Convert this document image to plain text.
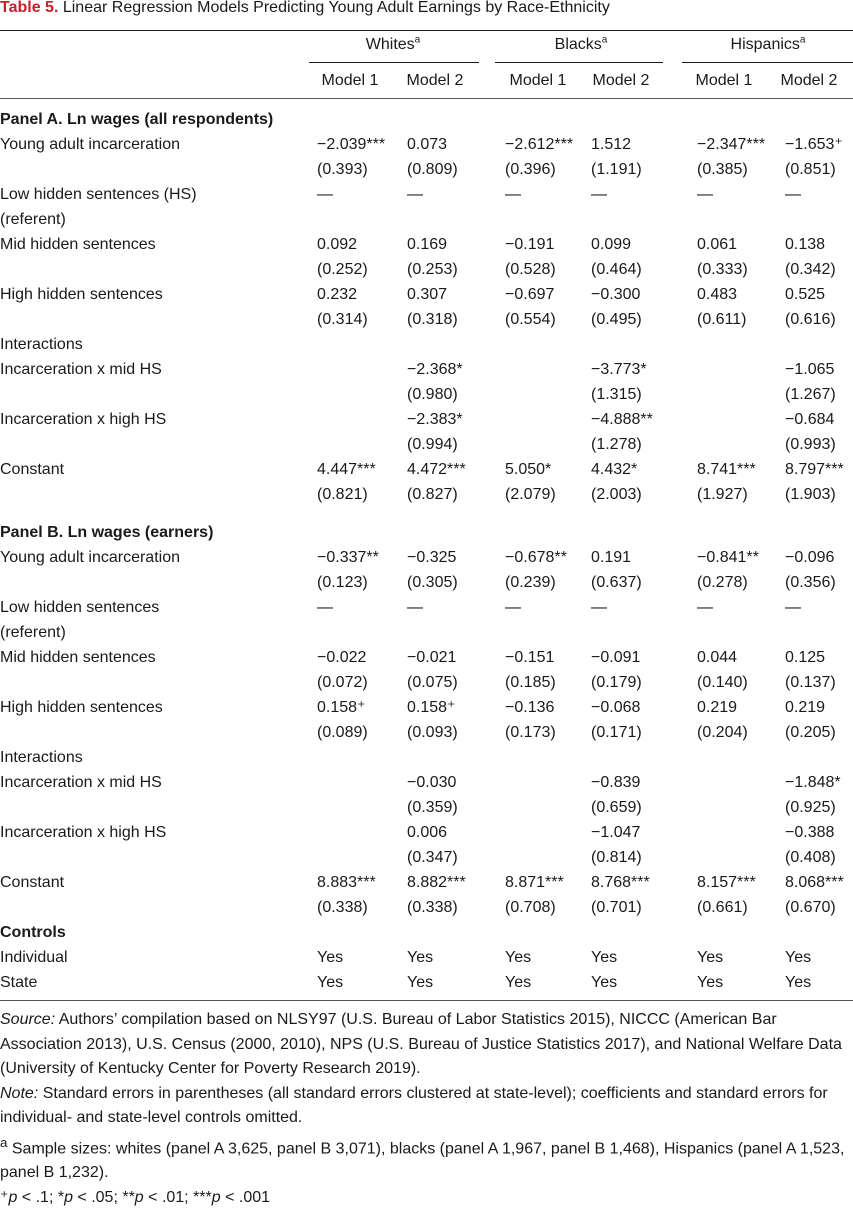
Table 5. Linear Regression Models Predicting Young Adult Earnings by Race-Ethnicity
Whites$^a$	Blacks$^a$	Hispanics$^a$
Model 1	Model 2	Model 1	Model 2	Model 1	Model 2
Panel A. Ln wages (all respondents)						
Young adult incarceration	−2.039***	0.073	−2.612***	1.512	−2.347***	−1.653⁺
	(0.393)	(0.809)	(0.396)	(1.191)	(0.385)	(0.851)
Low hidden sentences (HS)	—	—	—	—	—	—
(referent)						
Mid hidden sentences	0.092	0.169	−0.191	0.099	0.061	0.138
	(0.252)	(0.253)	(0.528)	(0.464)	(0.333)	(0.342)
High hidden sentences	0.232	0.307	−0.697	−0.300	0.483	0.525
	(0.314)	(0.318)	(0.554)	(0.495)	(0.611)	(0.616)
Interactions						
Incarceration x mid HS		−2.368*		−3.773*		−1.065
		(0.980)		(1.315)		(1.267)
Incarceration x high HS		−2.383*		−4.888**		−0.684
		(0.994)		(1.278)		(0.993)
Constant	4.447***	4.472***	5.050*	4.432*	8.741***	8.797***
	(0.821)	(0.827)	(2.079)	(2.003)	(1.927)	(1.903)

Panel B. Ln wages (earners)						
Young adult incarceration	−0.337**	−0.325	−0.678**	0.191	−0.841**	−0.096
	(0.123)	(0.305)	(0.239)	(0.637)	(0.278)	(0.356)
Low hidden sentences	—	—	—	—	—	—
(referent)						
Mid hidden sentences	−0.022	−0.021	−0.151	−0.091	0.044	0.125
	(0.072)	(0.075)	(0.185)	(0.179)	(0.140)	(0.137)
High hidden sentences	0.158⁺	0.158⁺	−0.136	−0.068	0.219	0.219
	(0.089)	(0.093)	(0.173)	(0.171)	(0.204)	(0.205)
Interactions						
Incarceration x mid HS		−0.030		−0.839		−1.848*
		(0.359)		(0.659)		(0.925)
Incarceration x high HS		0.006		−1.047		−0.388
		(0.347)		(0.814)		(0.408)
Constant	8.883***	8.882***	8.871***	8.768***	8.157***	8.068***
	(0.338)	(0.338)	(0.708)	(0.701)	(0.661)	(0.670)
Controls						
Individual	Yes	Yes	Yes	Yes	Yes	Yes
State	Yes	Yes	Yes	Yes	Yes	Yes

Source: Authors’ compilation based on NLSY97 (U.S. Bureau of Labor Statistics 2015), NICCC (American Bar Association 2013), U.S. Census (2000, 2010), NPS (U.S. Bureau of Justice Statistics 2017), and National Welfare Data (University of Kentucky Center for Poverty Research 2019).

Note: Standard errors in parentheses (all standard errors clustered at state-level); coefficients and standard errors for individual- and state-level controls omitted.

$^a$ Sample sizes: whites (panel A 3,625, panel B 3,071), blacks (panel A 1,967, panel B 1,468), Hispanics (panel A 1,523, panel B 1,232).

⁺p < .1; *p < .05; **p < .01; ***p < .001
